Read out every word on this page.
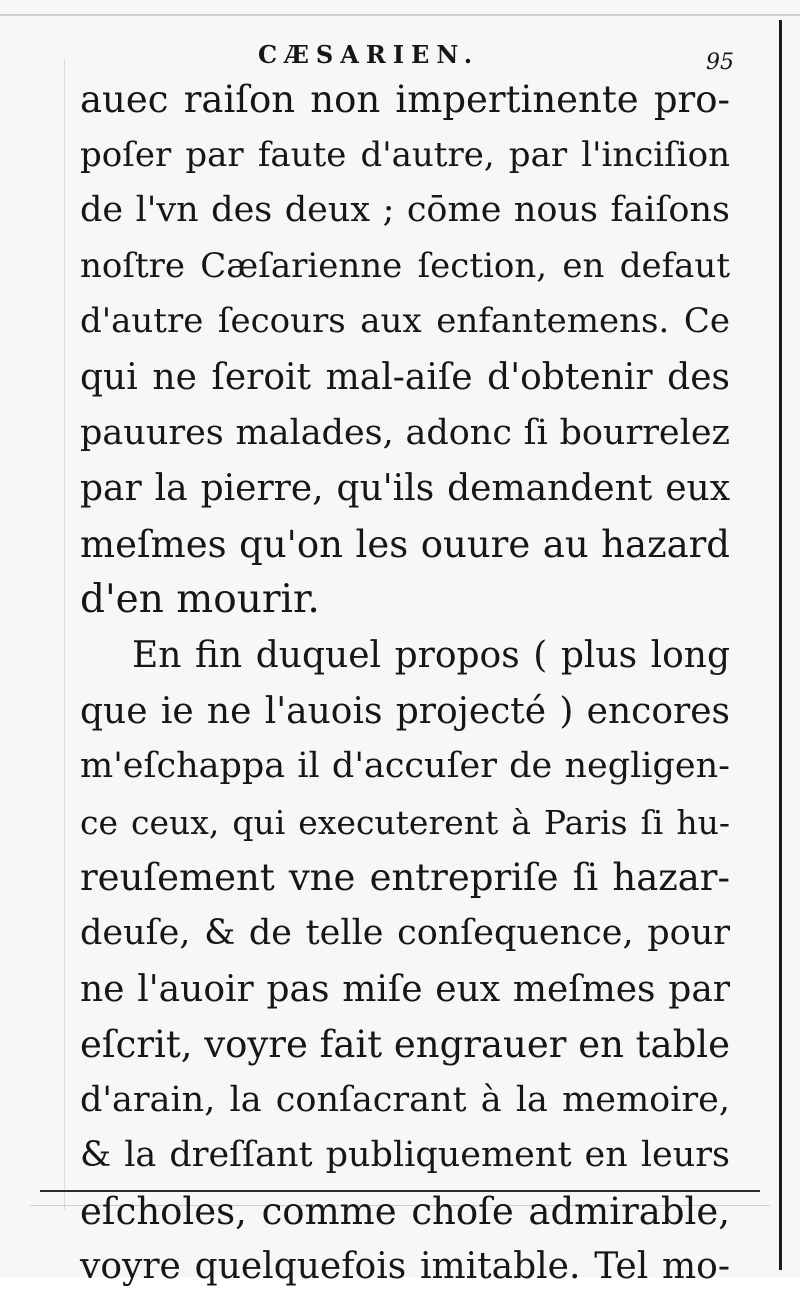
CÆSARIEN.	95
auec raiſon non impertinente pro-
poſer par faute d'autre, par l'inciſion
de l'vn des deux ; cōme nous faiſons
noſtre Cæſarienne ſection, en defaut
d'autre ſecours aux enfantemens. Ce
qui ne ſeroit mal-aiſe d'obtenir des
pauures malades, adonc ſi bourrelez
par la pierre, qu'ils demandent eux
meſmes qu'on les ouure au hazard
d'en mourir.
En fin duquel propos ( plus long
que ie ne l'auois projecté ) encores
m'eſchappa il d'accuſer de negligen-
ce ceux, qui executerent à Paris ſi hu-
reuſement vne entrepriſe ſi hazar-
deuſe, & de telle conſequence, pour
ne l'auoir pas miſe eux meſmes par
eſcrit, voyre fait engrauer en table
d'arain, la conſacrant à la memoire,
& la dreſſant publiquement en leurs
eſcholes, comme choſe admirable,
voyre quelquefois imitable. Tel mo-
